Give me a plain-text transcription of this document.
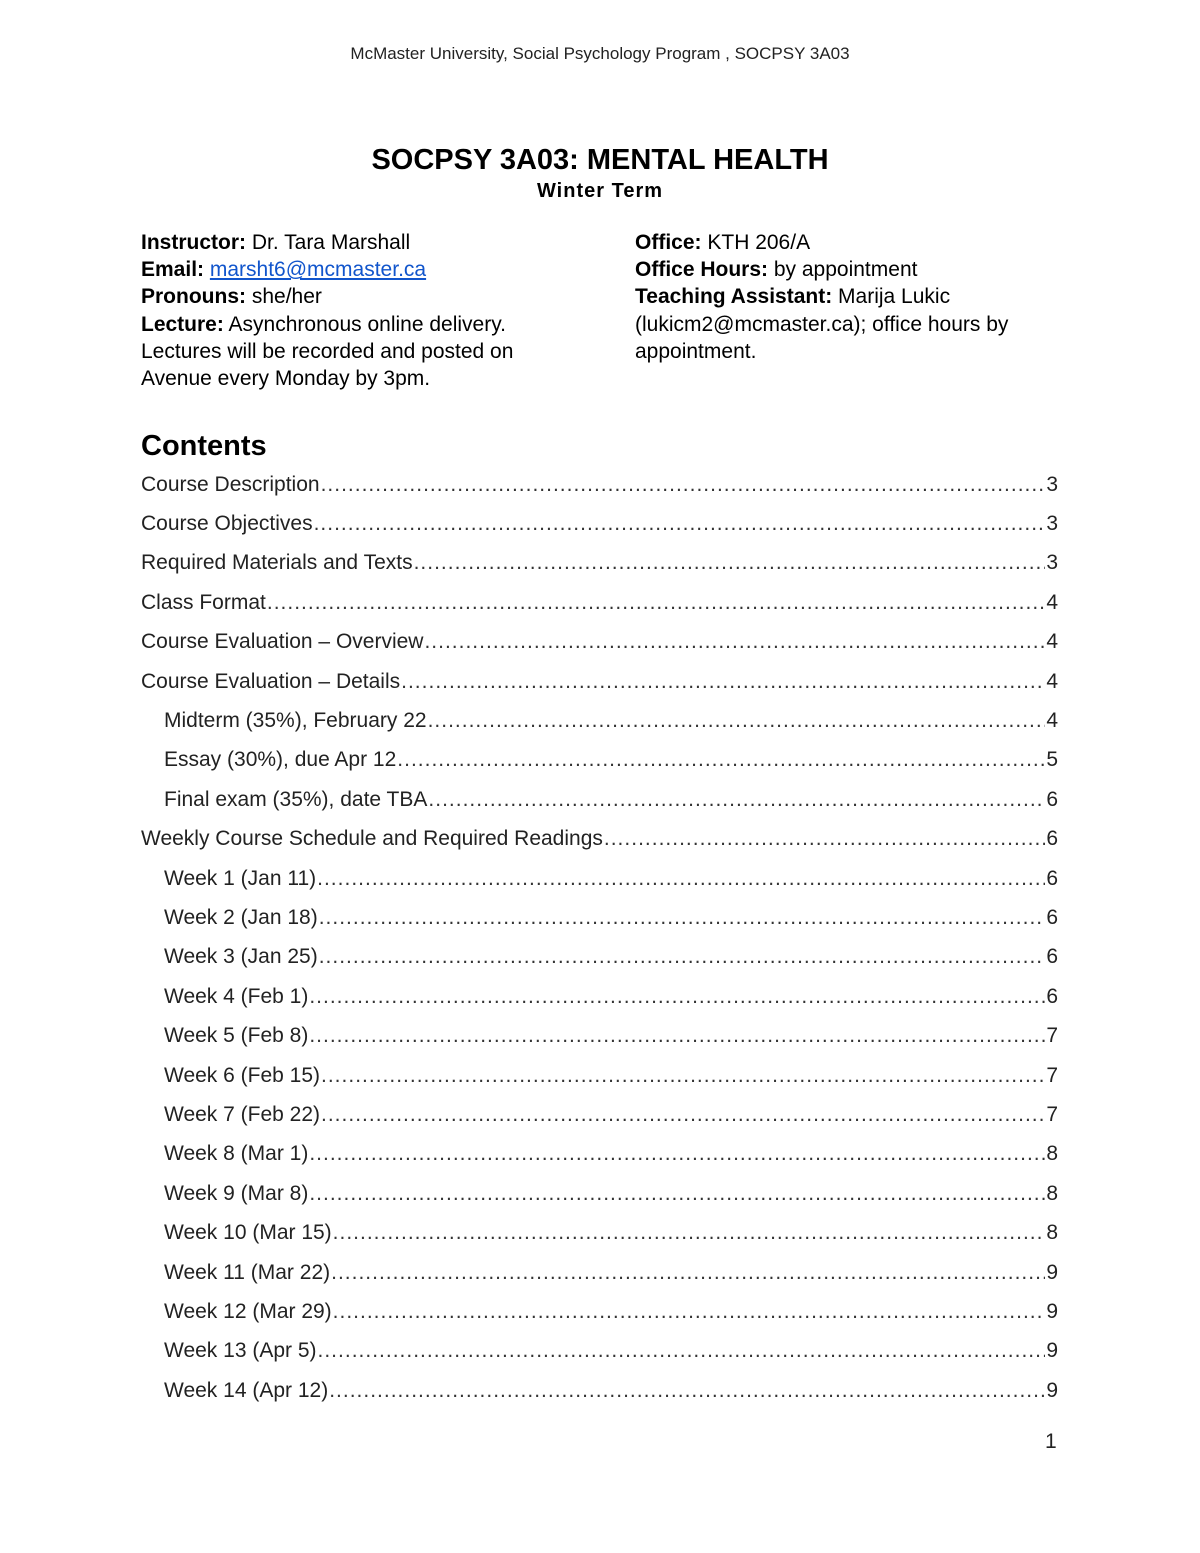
McMaster University, Social Psychology Program , SOCPSY 3A03
SOCPSY 3A03: MENTAL HEALTH

Winter Term

Instructor: Dr. Tara Marshall
Email: marsht6@mcmaster.ca
Pronouns: she/her
Lecture: Asynchronous online delivery.
Lectures will be recorded and posted on
Avenue every Monday by 3pm.
Office: KTH 206/A
Office Hours: by appointment
Teaching Assistant: Marija Lukic
(lukicm2@mcmaster.ca); office hours by
appointment.
Contents
Course Description .....	3
Course Objectives .....	3
Required Materials and Texts .....	3
Class Format .....	4
Course Evaluation – Overview .....	4
Course Evaluation – Details .....	4
Midterm (35%), February 22 .....	4
Essay (30%), due Apr 12 .....	5
Final exam (35%), date TBA .....	6
Weekly Course Schedule and Required Readings .....	6
Week 1 (Jan 11) .....	6
Week 2 (Jan 18) .....	6
Week 3 (Jan 25) .....	6
Week 4 (Feb 1) .....	6
Week 5 (Feb 8) .....	7
Week 6 (Feb 15) .....	7
Week 7 (Feb 22) .....	7
Week 8 (Mar 1) .....	8
Week 9 (Mar 8) .....	8
Week 10 (Mar 15) .....	8
Week 11 (Mar 22) .....	9
Week 12 (Mar 29) .....	9
Week 13 (Apr 5) .....	9
Week 14 (Apr 12) .....	9
1
